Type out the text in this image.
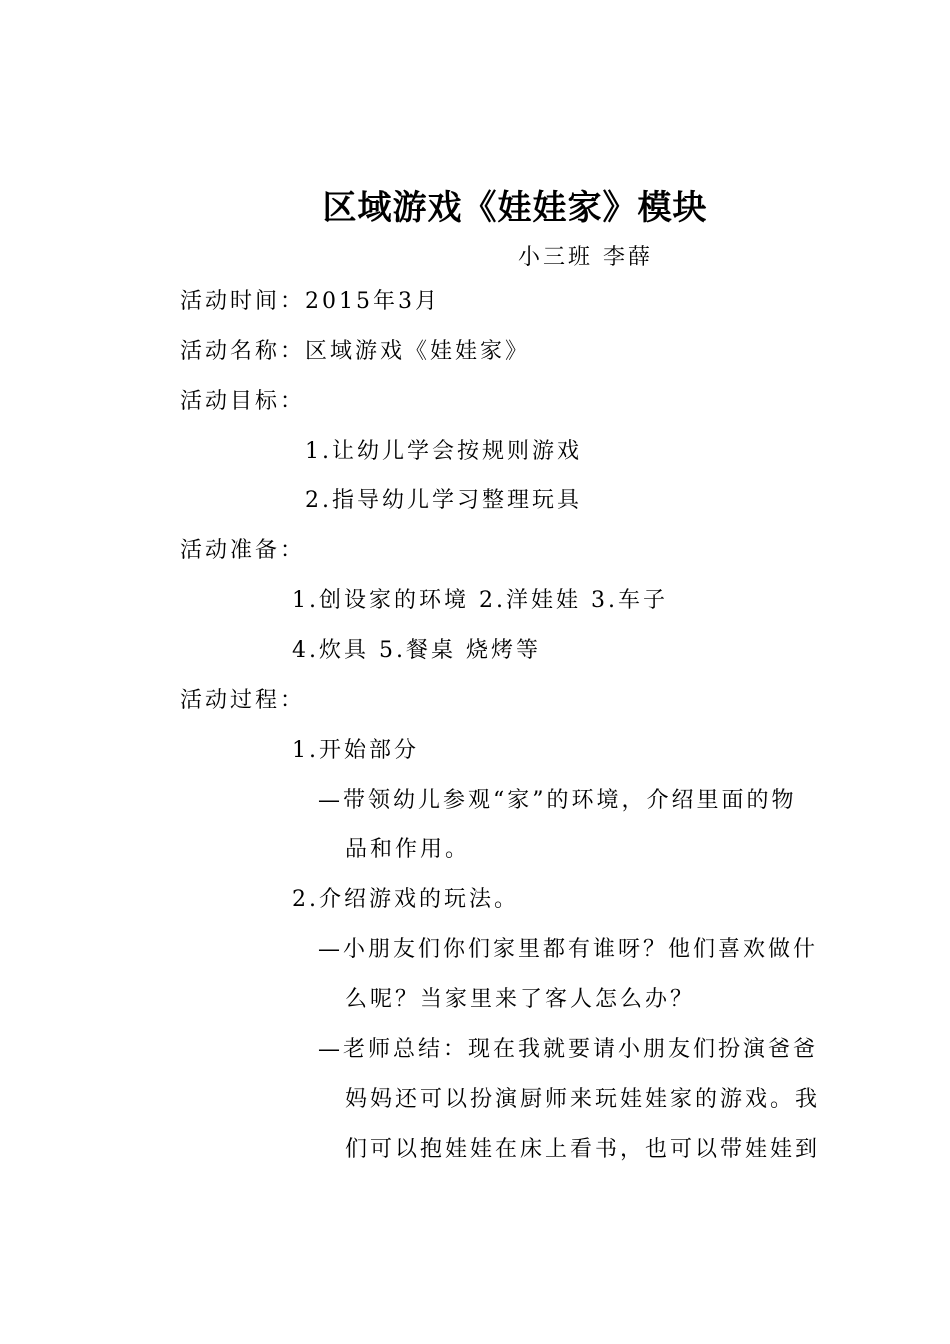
区域游戏《娃娃家》模块
小三班 李薛
活动时间：2015年3月
活动名称：区域游戏《娃娃家》
活动目标：
1.让幼儿学会按规则游戏
2.指导幼儿学习整理玩具
活动准备：
1.创设家的环境 2.洋娃娃 3.车子
4.炊具 5.餐桌 烧烤等
活动过程：
1.开始部分
—带领幼儿参观“家”的环境，介绍里面的物
品和作用。
2.介绍游戏的玩法。
—小朋友们你们家里都有谁呀？他们喜欢做什
么呢？当家里来了客人怎么办？
—老师总结：现在我就要请小朋友们扮演爸爸
妈妈还可以扮演厨师来玩娃娃家的游戏。我
们可以抱娃娃在床上看书，也可以带娃娃到
